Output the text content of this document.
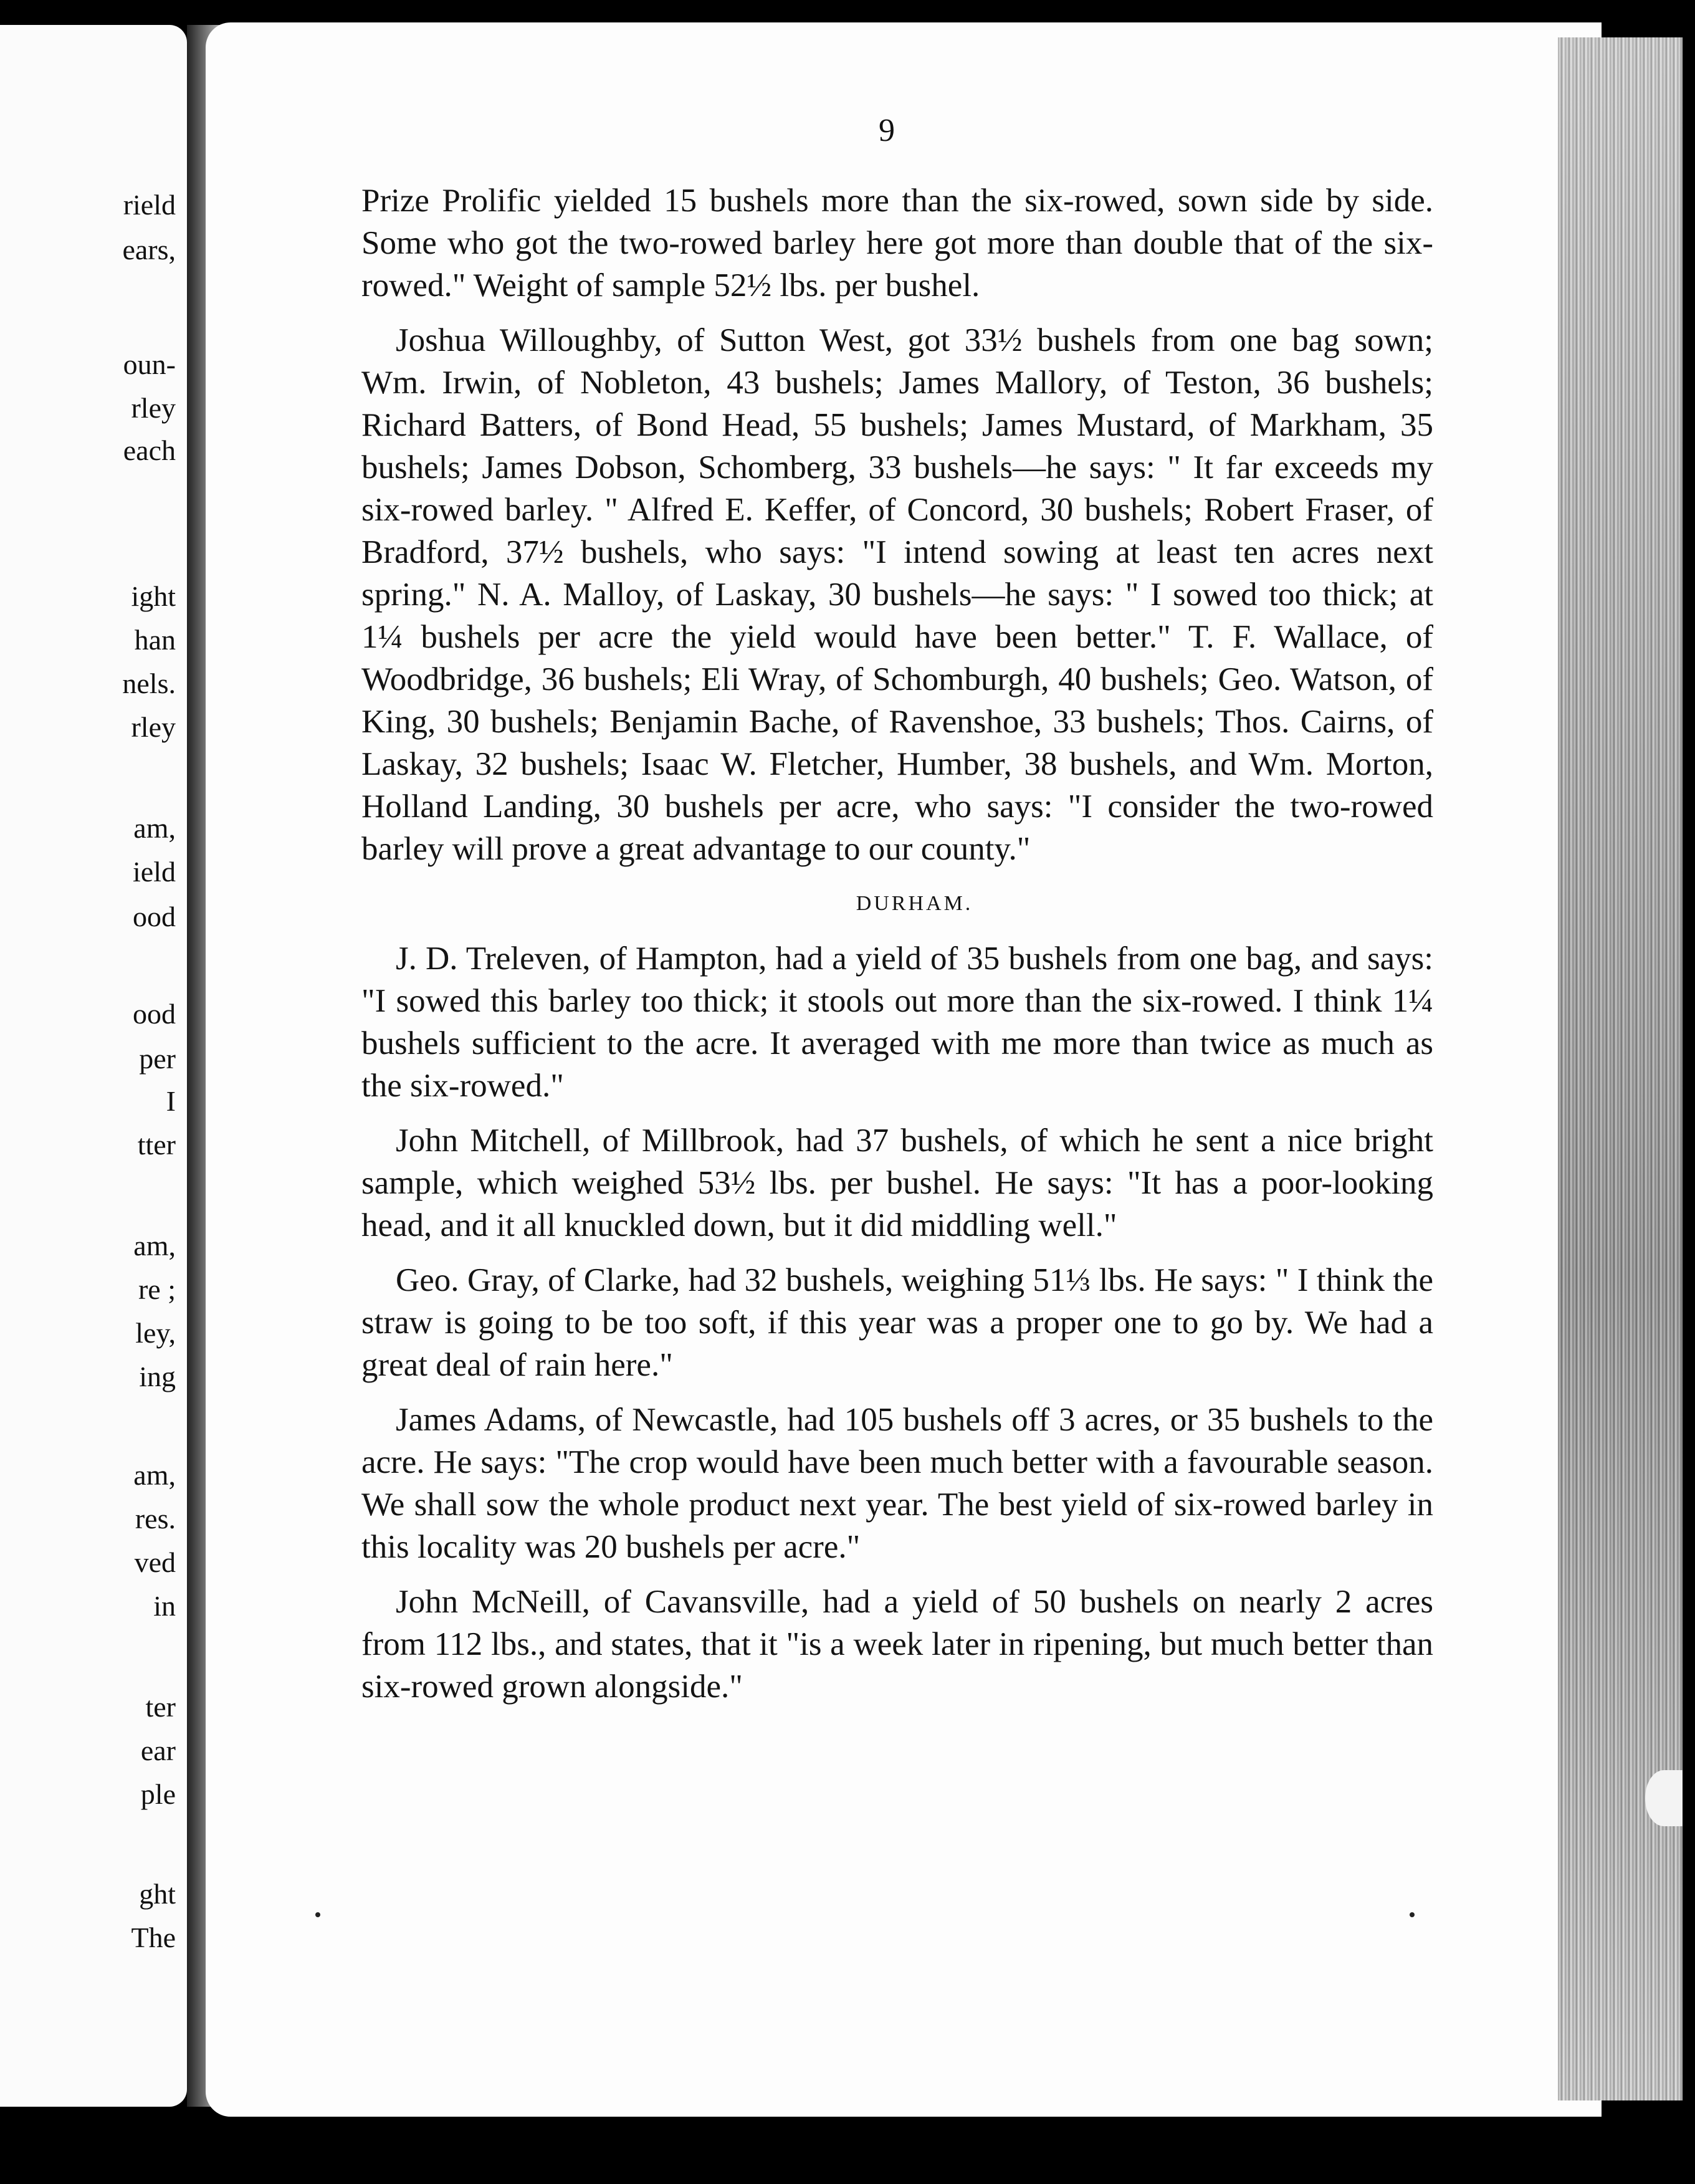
rield
ears,
oun-
rley
each
ight
han
nels.
rley
am,
ield
ood
ood
per
I
tter
am,
re ;
ley,
ing
am,
res.
ved
in
ter
ear
ple
ght
The
9

Prize Prolific yielded 15 bushels more than the six-rowed, sown side by side. Some who got the two-rowed barley here got more than double that of the six-rowed." Weight of sample 52½ lbs. per bushel.

Joshua Willoughby, of Sutton West, got 33½ bushels from one bag sown; Wm. Irwin, of Nobleton, 43 bushels; James Mallory, of Teston, 36 bushels; Richard Batters, of Bond Head, 55 bushels; James Mustard, of Markham, 35 bushels; James Dobson, Schomberg, 33 bushels—he says: " It far exceeds my six-rowed barley. " Alfred E. Keffer, of Concord, 30 bushels; Robert Fraser, of Bradford, 37½ bushels, who says: "I intend sowing at least ten acres next spring." N. A. Malloy, of Laskay, 30 bushels—he says: " I sowed too thick; at 1¼ bushels per acre the yield would have been better." T. F. Wallace, of Woodbridge, 36 bushels; Eli Wray, of Schomburgh, 40 bushels; Geo. Watson, of King, 30 bushels; Benjamin Bache, of Ravenshoe, 33 bushels; Thos. Cairns, of Laskay, 32 bushels; Isaac W. Fletcher, Humber, 38 bushels, and Wm. Morton, Holland Landing, 30 bushels per acre, who says: "I consider the two-rowed barley will prove a great advantage to our county."

DURHAM.

J. D. Treleven, of Hampton, had a yield of 35 bushels from one bag, and says: "I sowed this barley too thick; it stools out more than the six-rowed. I think 1¼ bushels sufficient to the acre. It averaged with me more than twice as much as the six-rowed."

John Mitchell, of Millbrook, had 37 bushels, of which he sent a nice bright sample, which weighed 53½ lbs. per bushel. He says: "It has a poor-looking head, and it all knuckled down, but it did middling well."

Geo. Gray, of Clarke, had 32 bushels, weighing 51⅓ lbs. He says: " I think the straw is going to be too soft, if this year was a proper one to go by. We had a great deal of rain here."

James Adams, of Newcastle, had 105 bushels off 3 acres, or 35 bushels to the acre. He says: "The crop would have been much better with a favourable season. We shall sow the whole product next year. The best yield of six-rowed barley in this locality was 20 bushels per acre."

John McNeill, of Cavansville, had a yield of 50 bushels on nearly 2 acres from 112 lbs., and states, that it "is a week later in ripening, but much better than six-rowed grown alongside."
